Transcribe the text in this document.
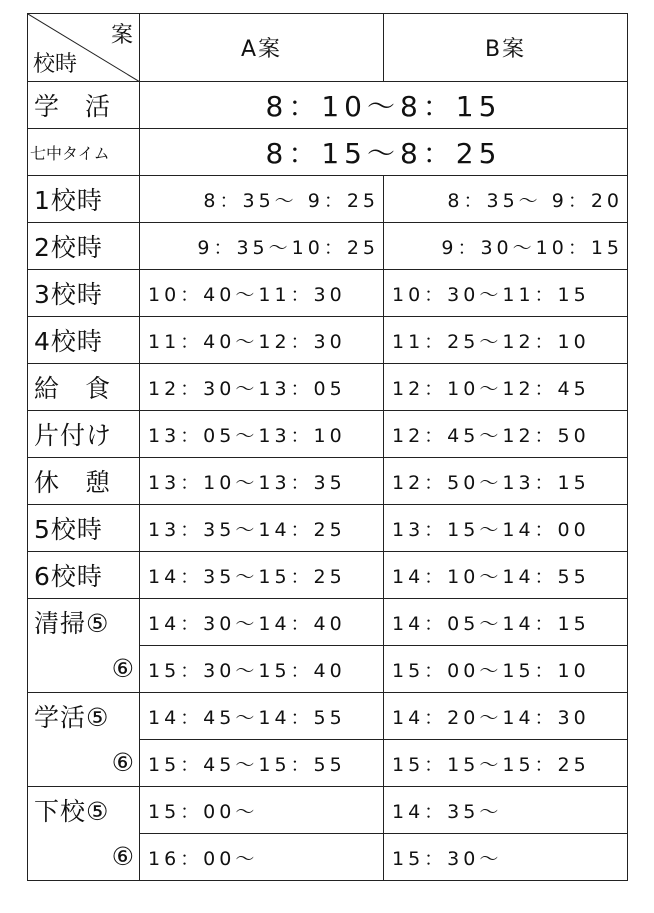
案
校時	A案	B案
学活	8：10〜8：15	
七中タイム	8：15〜8：25	
1校時	8：35〜 9：25	8：35〜 9：20
2校時	9：35〜10：25	9：30〜10：15
3校時	10：40〜11：30	10：30〜11：15
4校時	11：40〜12：30	11：25〜12：10
給食	12：30〜13：05	12：10〜12：45
片付け	13：05〜13：10	12：45〜12：50
休憩	13：10〜13：35	12：50〜13：15
5校時	13：35〜14：25	13：15〜14：00
6校時	14：35〜15：25	14：10〜14：55
清掃⑤	14：30〜14：40	14：05〜14：15
⑥	15：30〜15：40	15：00〜15：10
学活⑤	14：45〜14：55	14：20〜14：30
⑥	15：45〜15：55	15：15〜15：25
下校⑤	15：00〜	14：35〜
⑥	16：00〜	15：30〜
